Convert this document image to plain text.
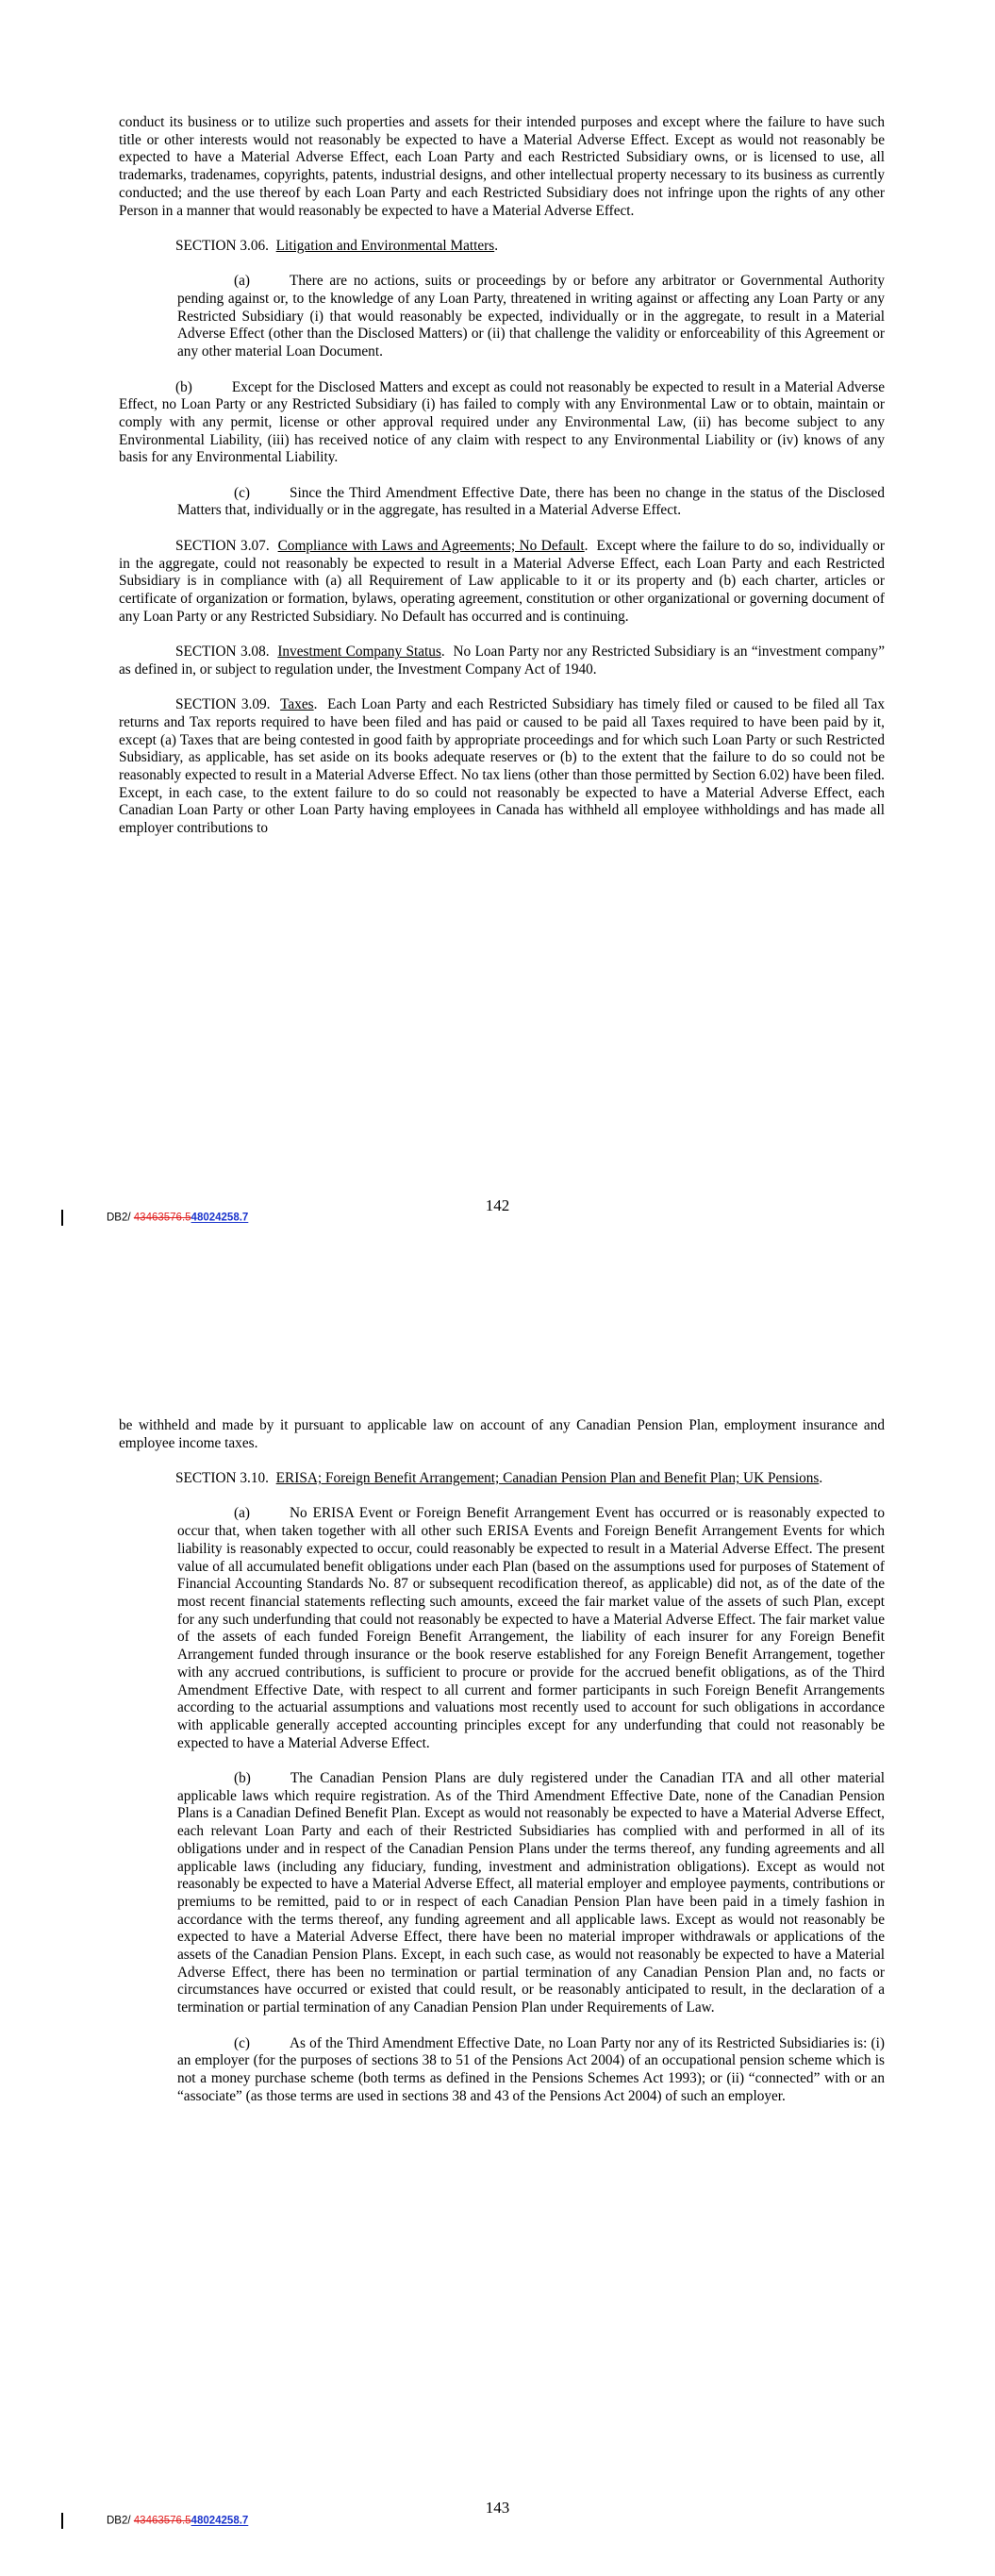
conduct its business or to utilize such properties and assets for their intended purposes and except where the failure to have such title or other interests would not reasonably be expected to have a Material Adverse Effect. Except as would not reasonably be expected to have a Material Adverse Effect, each Loan Party and each Restricted Subsidiary owns, or is licensed to use, all trademarks, tradenames, copyrights, patents, industrial designs, and other intellectual property necessary to its business as currently conducted; and the use thereof by each Loan Party and each Restricted Subsidiary does not infringe upon the rights of any other Person in a manner that would reasonably be expected to have a Material Adverse Effect.

SECTION 3.06. Litigation and Environmental Matters.

(a)	There are no actions, suits or proceedings by or before any arbitrator or Governmental Authority pending against or, to the knowledge of any Loan Party, threatened in writing against or affecting any Loan Party or any Restricted Subsidiary (i) that would reasonably be expected, individually or in the aggregate, to result in a Material Adverse Effect (other than the Disclosed Matters) or (ii) that challenge the validity or enforceability of this Agreement or any other material Loan Document.

(b)	Except for the Disclosed Matters and except as could not reasonably be expected to result in a Material Adverse Effect, no Loan Party or any Restricted Subsidiary (i) has failed to comply with any Environmental Law or to obtain, maintain or comply with any permit, license or other approval required under any Environmental Law, (ii) has become subject to any Environmental Liability, (iii) has received notice of any claim with respect to any Environmental Liability or (iv) knows of any basis for any Environmental Liability.

(c)	Since the Third Amendment Effective Date, there has been no change in the status of the Disclosed Matters that, individually or in the aggregate, has resulted in a Material Adverse Effect.

SECTION 3.07. Compliance with Laws and Agreements; No Default.  Except where the failure to do so, individually or in the aggregate, could not reasonably be expected to result in a Material Adverse Effect, each Loan Party and each Restricted Subsidiary is in compliance with (a) all Requirement of Law applicable to it or its property and (b) each charter, articles or certificate of organization or formation, bylaws, operating agreement, constitution or other organizational or governing document of any Loan Party or any Restricted Subsidiary. No Default has occurred and is continuing.

SECTION 3.08. Investment Company Status.  No Loan Party nor any Restricted Subsidiary is an “investment company” as defined in, or subject to regulation under, the Investment Company Act of 1940.

SECTION 3.09. Taxes.  Each Loan Party and each Restricted Subsidiary has timely filed or caused to be filed all Tax returns and Tax reports required to have been filed and has paid or caused to be paid all Taxes required to have been paid by it, except (a) Taxes that are being contested in good faith by appropriate proceedings and for which such Loan Party or such Restricted Subsidiary, as applicable, has set aside on its books adequate reserves or (b) to the extent that the failure to do so could not be reasonably expected to result in a Material Adverse Effect. No tax liens (other than those permitted by Section 6.02) have been filed. Except, in each case, to the extent failure to do so could not reasonably be expected to have a Material Adverse Effect, each Canadian Loan Party or other Loan Party having employees in Canada has withheld all employee withholdings and has made all employer contributions to

142
DB2/ 43463576.548024258.7

be withheld and made by it pursuant to applicable law on account of any Canadian Pension Plan, employment insurance and employee income taxes.

SECTION 3.10. ERISA; Foreign Benefit Arrangement; Canadian Pension Plan and Benefit Plan; UK Pensions.

(a)	No ERISA Event or Foreign Benefit Arrangement Event has occurred or is reasonably expected to occur that, when taken together with all other such ERISA Events and Foreign Benefit Arrangement Events for which liability is reasonably expected to occur, could reasonably be expected to result in a Material Adverse Effect. The present value of all accumulated benefit obligations under each Plan (based on the assumptions used for purposes of Statement of Financial Accounting Standards No. 87 or subsequent recodification thereof, as applicable) did not, as of the date of the most recent financial statements reflecting such amounts, exceed the fair market value of the assets of such Plan, except for any such underfunding that could not reasonably be expected to have a Material Adverse Effect. The fair market value of the assets of each funded Foreign Benefit Arrangement, the liability of each insurer for any Foreign Benefit Arrangement funded through insurance or the book reserve established for any Foreign Benefit Arrangement, together with any accrued contributions, is sufficient to procure or provide for the accrued benefit obligations, as of the Third Amendment Effective Date, with respect to all current and former participants in such Foreign Benefit Arrangements according to the actuarial assumptions and valuations most recently used to account for such obligations in accordance with applicable generally accepted accounting principles except for any underfunding that could not reasonably be expected to have a Material Adverse Effect.

(b)	The Canadian Pension Plans are duly registered under the Canadian ITA and all other material applicable laws which require registration. As of the Third Amendment Effective Date, none of the Canadian Pension Plans is a Canadian Defined Benefit Plan. Except as would not reasonably be expected to have a Material Adverse Effect, each relevant Loan Party and each of their Restricted Subsidiaries has complied with and performed in all of its obligations under and in respect of the Canadian Pension Plans under the terms thereof, any funding agreements and all applicable laws (including any fiduciary, funding, investment and administration obligations). Except as would not reasonably be expected to have a Material Adverse Effect, all material employer and employee payments, contributions or premiums to be remitted, paid to or in respect of each Canadian Pension Plan have been paid in a timely fashion in accordance with the terms thereof, any funding agreement and all applicable laws. Except as would not reasonably be expected to have a Material Adverse Effect, there have been no material improper withdrawals or applications of the assets of the Canadian Pension Plans. Except, in each such case, as would not reasonably be expected to have a Material Adverse Effect, there has been no termination or partial termination of any Canadian Pension Plan and, no facts or circumstances have occurred or existed that could result, or be reasonably anticipated to result, in the declaration of a termination or partial termination of any Canadian Pension Plan under Requirements of Law.

(c)	As of the Third Amendment Effective Date, no Loan Party nor any of its Restricted Subsidiaries is: (i) an employer (for the purposes of sections 38 to 51 of the Pensions Act 2004) of an occupational pension scheme which is not a money purchase scheme (both terms as defined in the Pensions Schemes Act 1993); or (ii) “connected” with or an “associate” (as those terms are used in sections 38 and 43 of the Pensions Act 2004) of such an employer.

143
DB2/ 43463576.548024258.7
